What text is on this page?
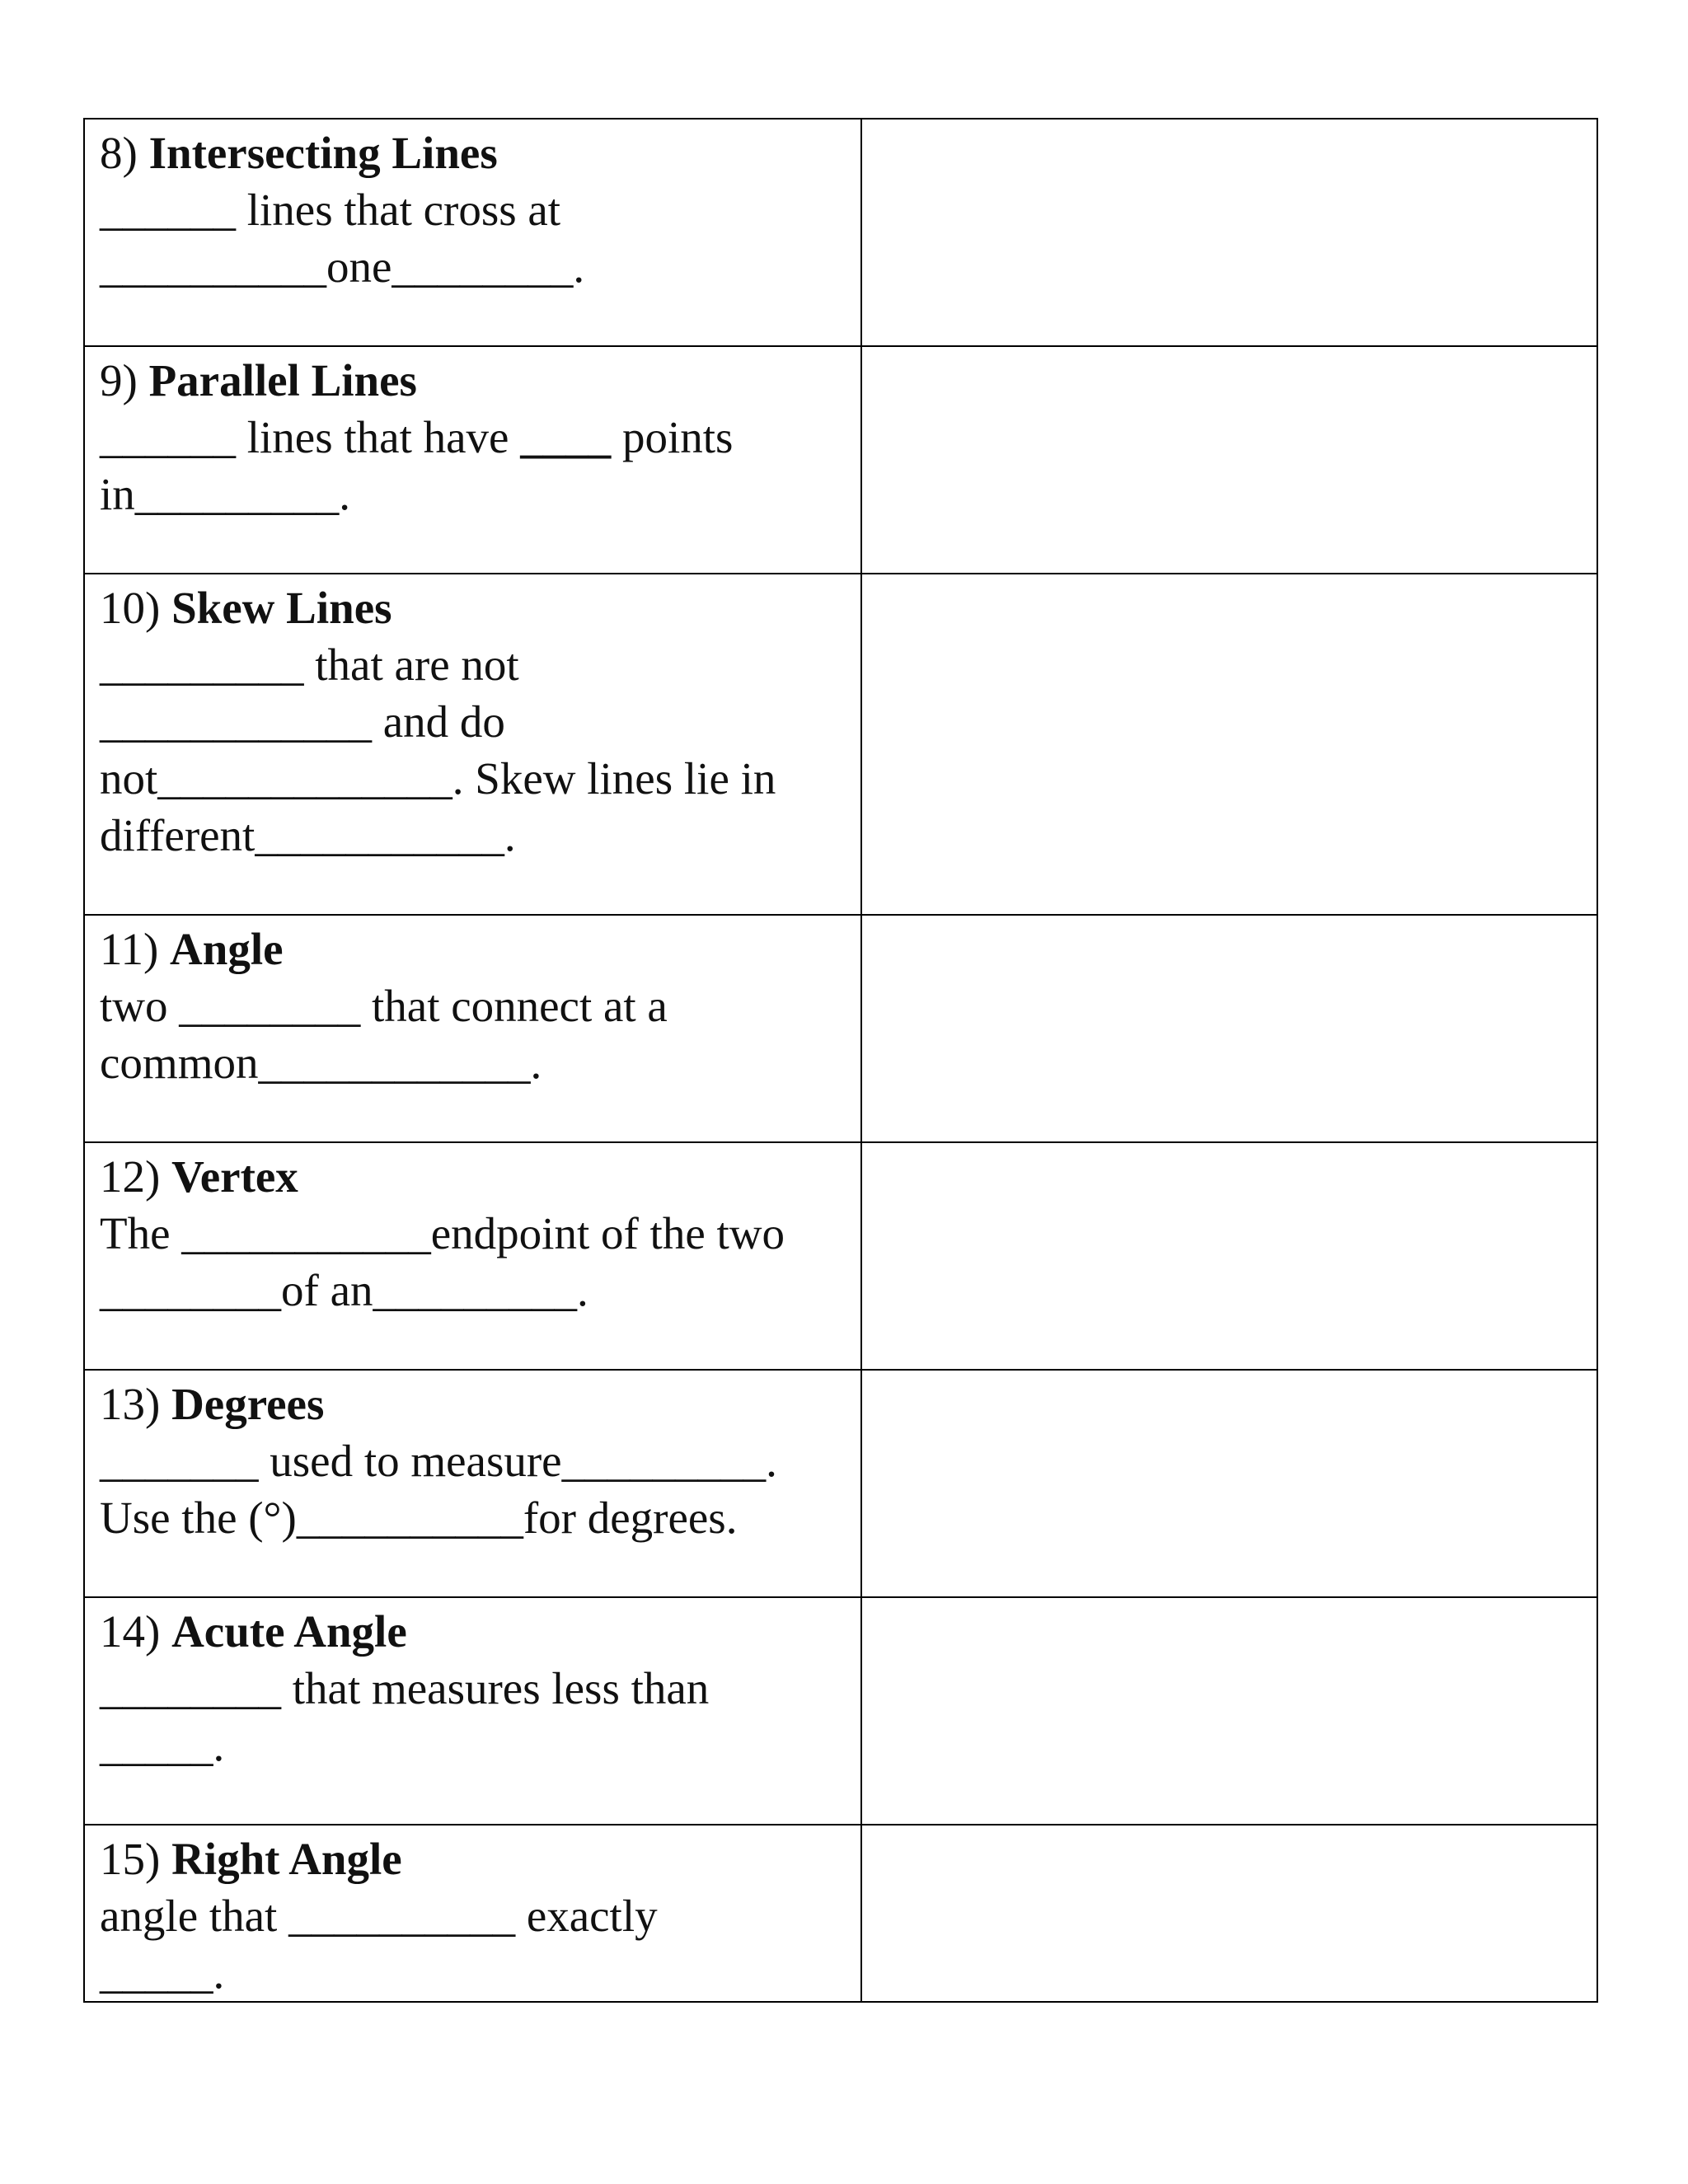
8) Intersecting Lines
______ lines that cross at
__________one________.	

9) Parallel Lines
______ lines that have ____ points
in_________.	

10) Skew Lines
_________ that are not
____________ and do
not_____________. Skew lines lie in
different___________.	

11) Angle
two ________ that connect at a
common____________.	

12) Vertex
The ___________endpoint of the two
________of an_________.	

13) Degrees
_______ used to measure_________.
Use the (°)__________for degrees.	

14) Acute Angle
________ that measures less than
_____.	

15) Right Angle
angle that __________ exactly
_____.	
